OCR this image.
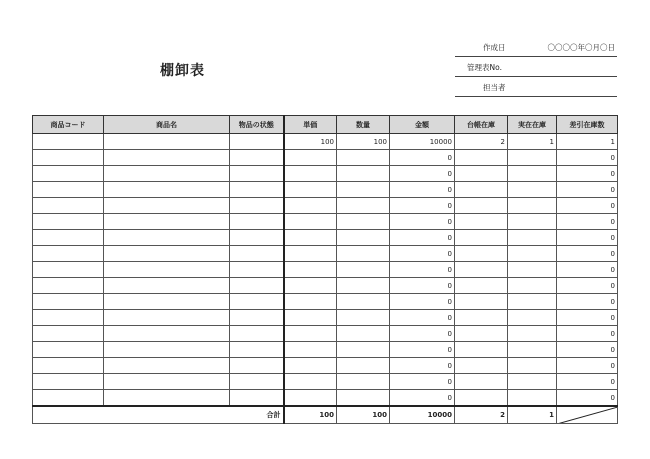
棚卸表
作成日	〇〇〇〇年〇月〇日
管理表No.
担当者
商品コード	商品名	物品の状態	単価	数量	金額	台帳在庫	実在在庫	差引在庫数
			100	100	10000	2	1	1
					0			0
					0			0
					0			0
					0			0
					0			0
					0			0
					0			0
					0			0
					0			0
					0			0
					0			0
					0			0
					0			0
					0			0
					0			0
					0			0
合計			100	100	10000	2	1	
